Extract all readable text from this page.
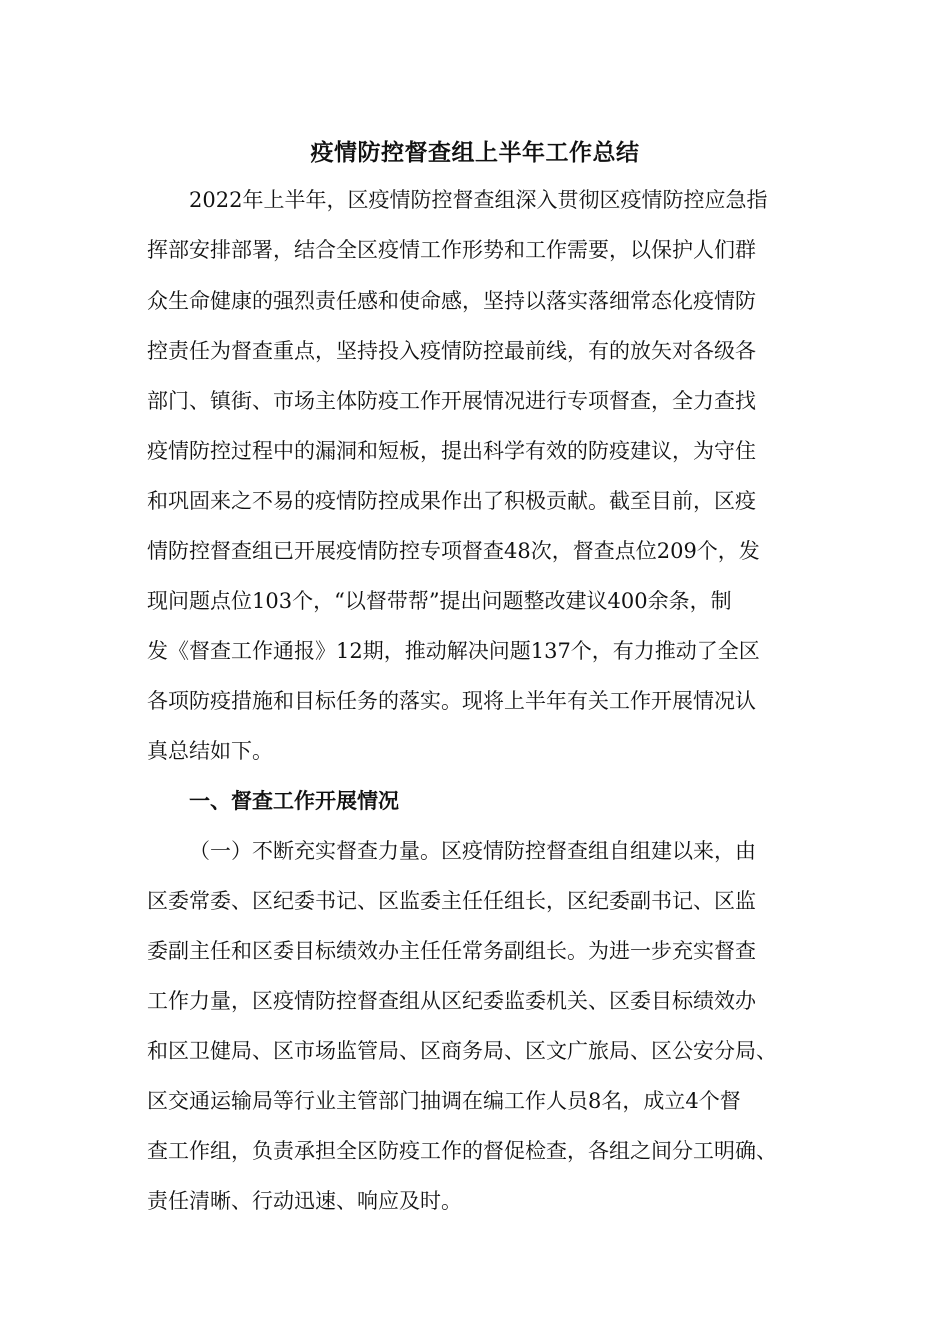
疫情防控督查组上半年工作总结

2022年上半年，区疫情防控督查组深入贯彻区疫情防控应急指

挥部安排部署，结合全区疫情工作形势和工作需要，以保护人们群

众生命健康的强烈责任感和使命感，坚持以落实落细常态化疫情防

控责任为督查重点，坚持投入疫情防控最前线，有的放矢对各级各

部门、镇街、市场主体防疫工作开展情况进行专项督查，全力查找

疫情防控过程中的漏洞和短板，提出科学有效的防疫建议，为守住

和巩固来之不易的疫情防控成果作出了积极贡献。截至目前，区疫

情防控督查组已开展疫情防控专项督查48次，督查点位209个，发

现问题点位103个，“以督带帮”提出问题整改建议400余条，制

发《督查工作通报》12期，推动解决问题137个，有力推动了全区

各项防疫措施和目标任务的落实。现将上半年有关工作开展情况认

真总结如下。

一、督查工作开展情况

（一）不断充实督查力量。区疫情防控督查组自组建以来，由

区委常委、区纪委书记、区监委主任任组长，区纪委副书记、区监

委副主任和区委目标绩效办主任任常务副组长。为进一步充实督查

工作力量，区疫情防控督查组从区纪委监委机关、区委目标绩效办

和区卫健局、区市场监管局、区商务局、区文广旅局、区公安分局、

区交通运输局等行业主管部门抽调在编工作人员8名，成立4个督

查工作组，负责承担全区防疫工作的督促检查，各组之间分工明确、

责任清晰、行动迅速、响应及时。
